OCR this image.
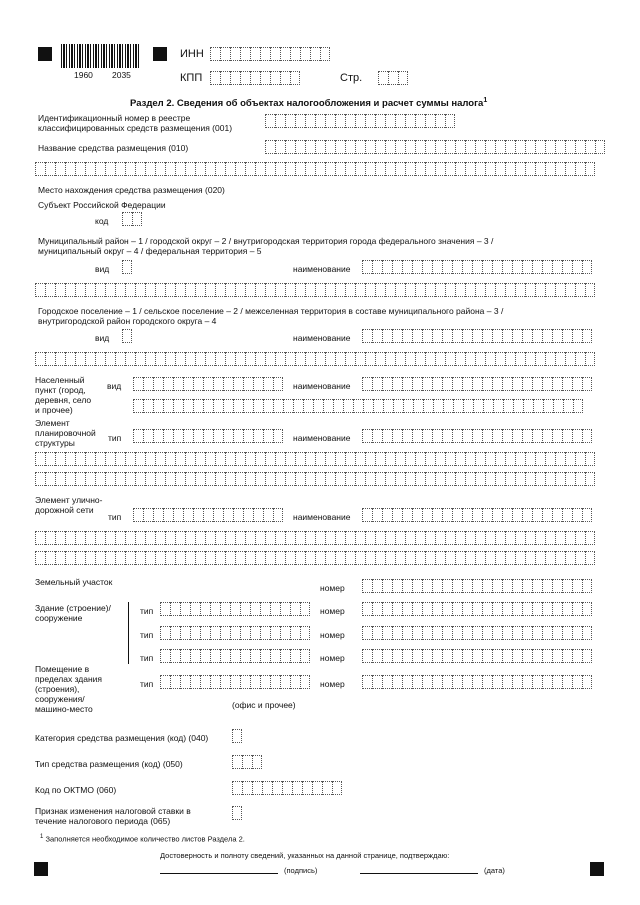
1960 2035
ИНН
КПП	Стр.
Раздел 2. Сведения об объектах налогообложения и расчет суммы налога$^1$
Идентификационный номер в реестре
классифицированных средств размещения (001)
Название средства размещения (010)
Место нахождения средства размещения (020)
Субъект Российской Федерации
код
Муниципальный район – 1 / городской округ – 2 / внутригородская территория города федерального значения – 3 /
муниципальный округ – 4 / федеральная территория – 5
вид	наименование
Городское поселение – 1 / сельское поселение – 2 / межселенная территория в составе муниципального района – 3 /
внутригородской район городского округа – 4
вид	наименование
Населенный пункт (город, деревня, село и прочее)
вид	наименование
Элемент планировочной структуры	тип	наименование
Элемент улично-дорожной сети
тип	наименование
Земельный участок
номер
Здание (строение)/ сооружение
тип	номер
тип	номер
тип	номер
Помещение в пределах здания (строения), сооружения/ машино-место
тип	номер
(офис и прочее)
Категория средства размещения (код) (040)
Тип средства размещения (код) (050)
Код по ОКТМО (060)
Признак изменения налоговой ставки в
течение налогового периода (065)
$^1$ Заполняется необходимое количество листов Раздела 2.
Достоверность и полноту сведений, указанных на данной странице, подтверждаю:
(подпись)	(дата)
